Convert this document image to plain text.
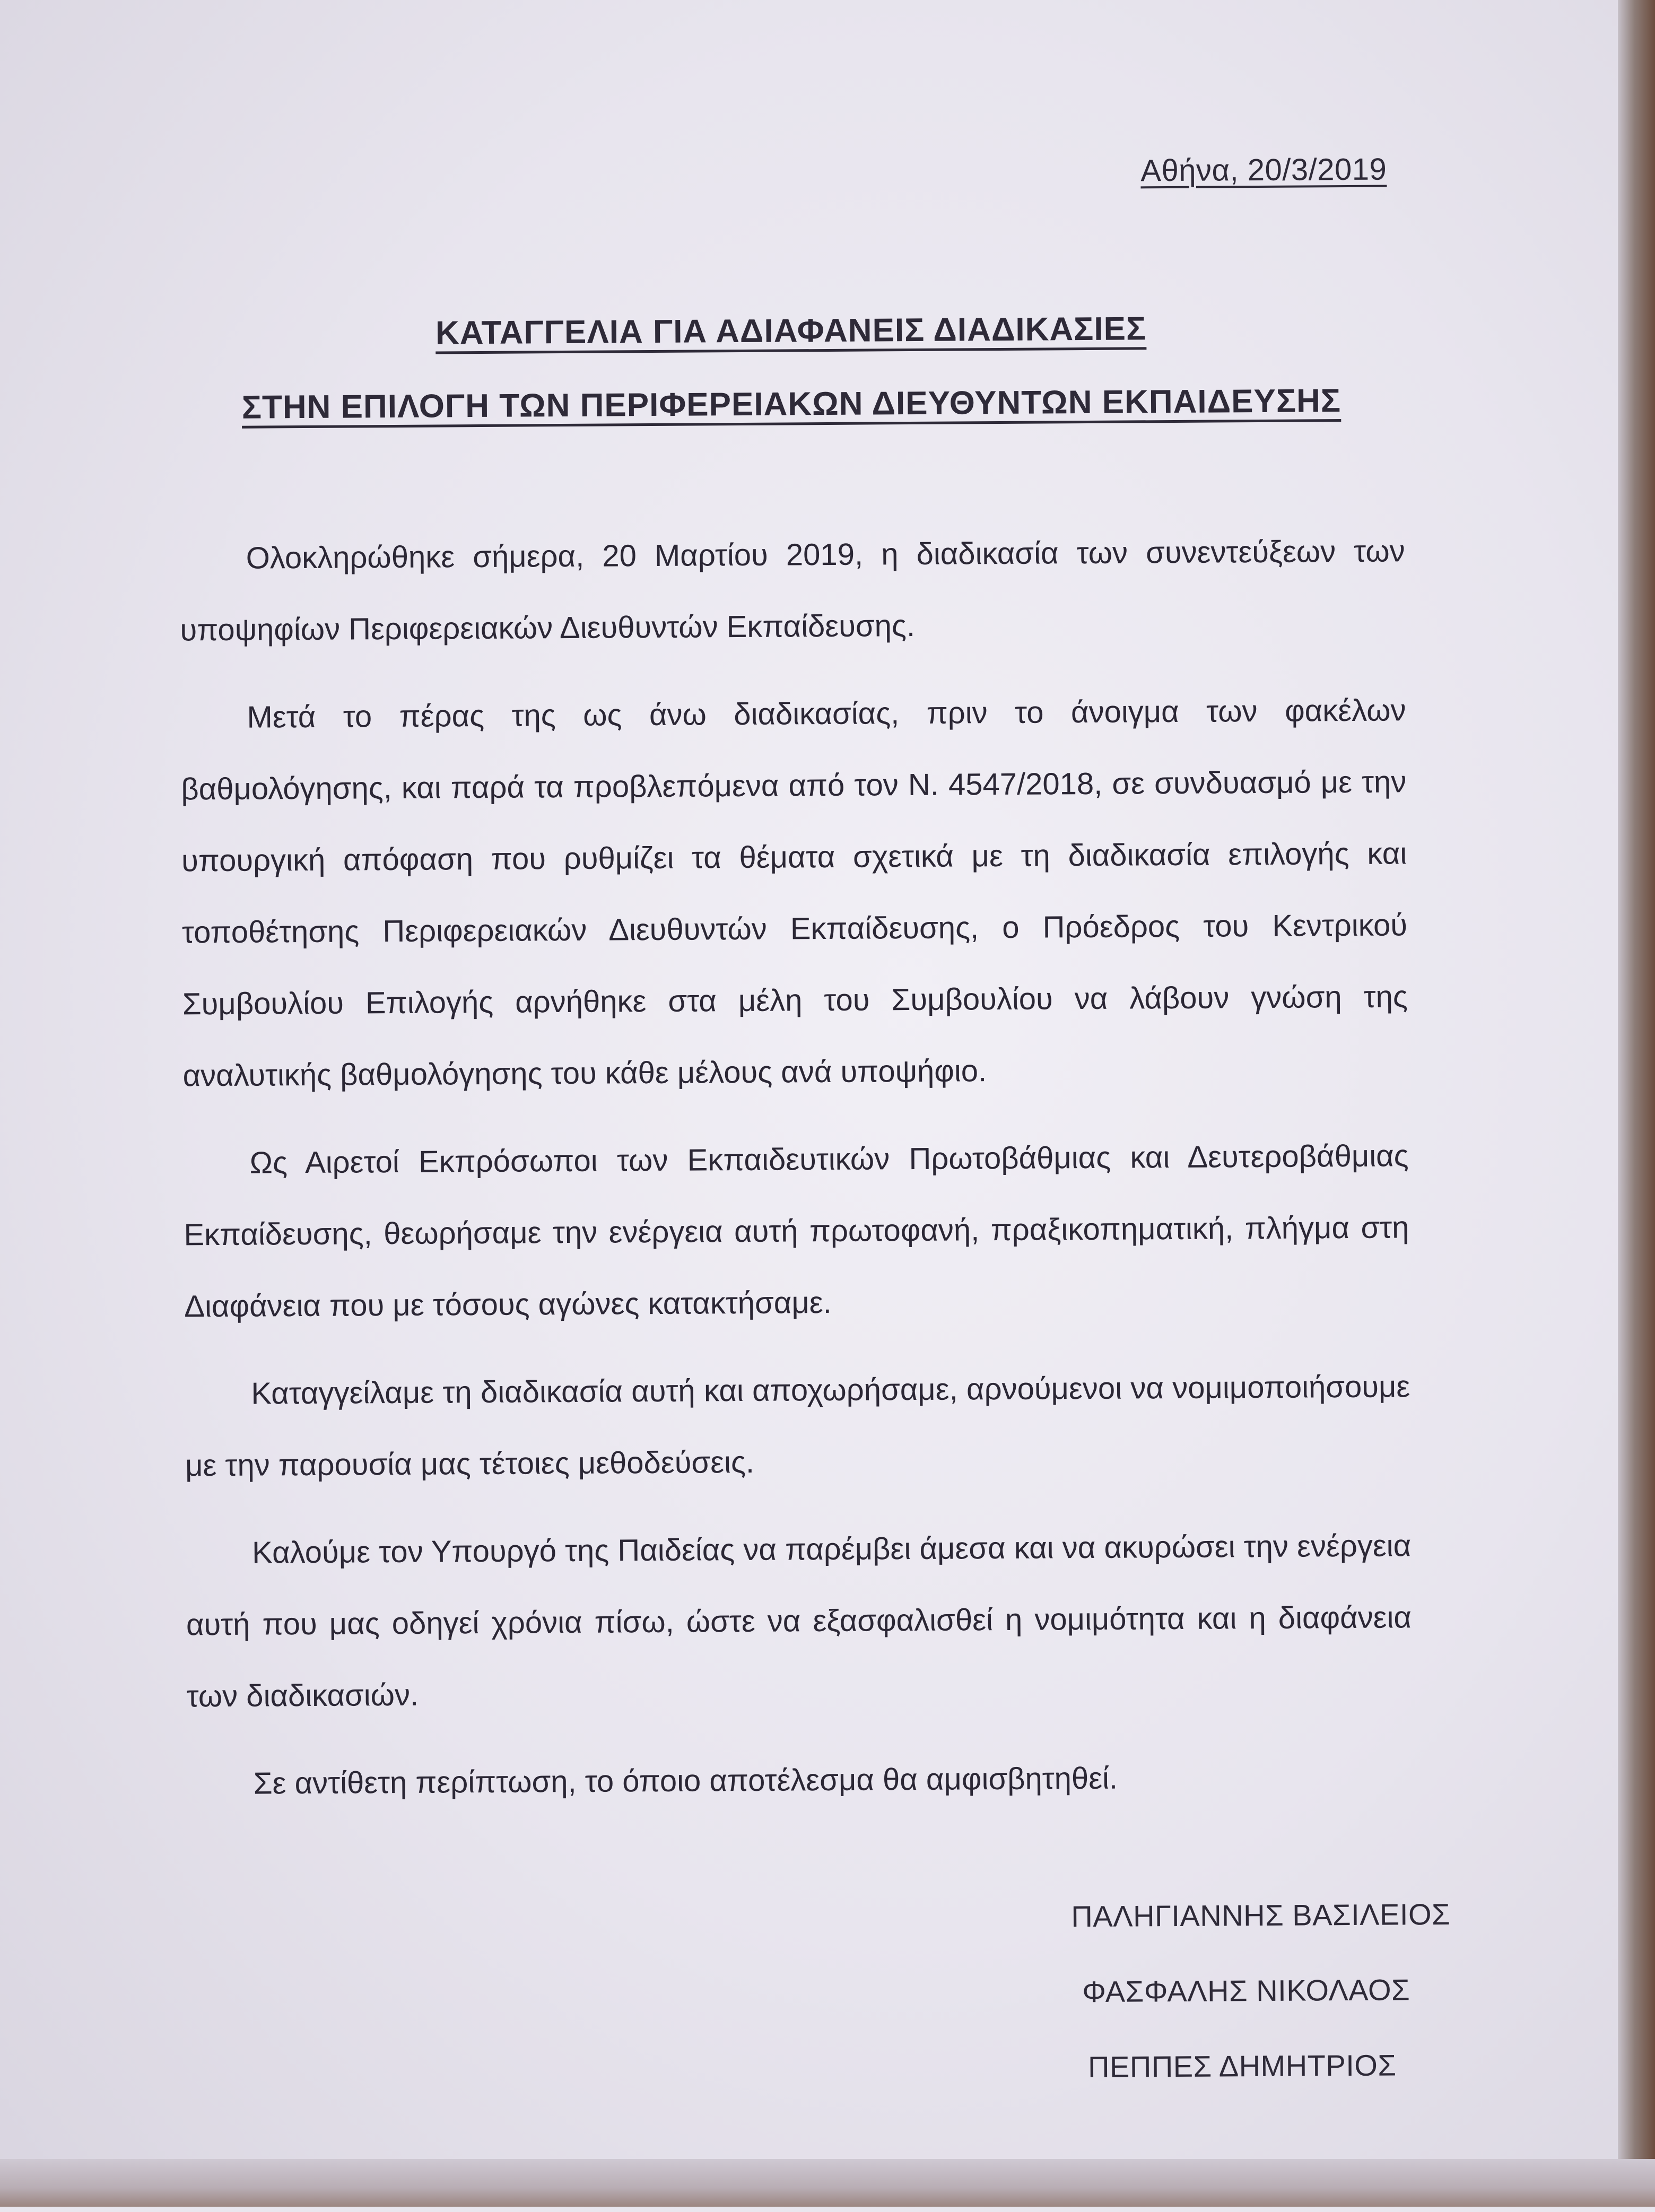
Αθήνα, 20/3/2019
ΚΑΤΑΓΓΕΛΙΑ ΓΙΑ ΑΔΙΑΦΑΝΕΙΣ ΔΙΑΔΙΚΑΣΙΕΣ
ΣΤΗΝ ΕΠΙΛΟΓΗ ΤΩΝ ΠΕΡΙΦΕΡΕΙΑΚΩΝ ΔΙΕΥΘΥΝΤΩΝ ΕΚΠΑΙΔΕΥΣΗΣ

Ολοκληρώθηκε σήμερα, 20 Μαρτίου 2019, η διαδικασία των συνεντεύξεων των υποψηφίων Περιφερειακών Διευθυντών Εκπαίδευσης.

Μετά το πέρας της ως άνω διαδικασίας, πριν το άνοιγμα των φακέλων βαθμολόγησης, και παρά τα προβλεπόμενα από τον Ν. 4547/2018, σε συνδυασμό με την υπουργική απόφαση που ρυθμίζει τα θέματα σχετικά με τη διαδικασία επιλογής και τοποθέτησης Περιφερειακών Διευθυντών Εκπαίδευσης, ο Πρόεδρος του Κεντρικού Συμβουλίου Επιλογής αρνήθηκε στα μέλη του Συμβουλίου να λάβουν γνώση της αναλυτικής βαθμολόγησης του κάθε μέλους ανά υποψήφιο.

Ως Αιρετοί Εκπρόσωποι των Εκπαιδευτικών Πρωτοβάθμιας και Δευτεροβάθμιας Εκπαίδευσης, θεωρήσαμε την ενέργεια αυτή πρωτοφανή, πραξικοπηματική, πλήγμα στη Διαφάνεια που με τόσους αγώνες κατακτήσαμε.

Καταγγείλαμε τη διαδικασία αυτή και αποχωρήσαμε, αρνούμενοι να νομιμοποιήσουμε με την παρουσία μας τέτοιες μεθοδεύσεις.

Καλούμε τον Υπουργό της Παιδείας να παρέμβει άμεσα και να ακυρώσει την ενέργεια αυτή που μας οδηγεί χρόνια πίσω, ώστε να εξασφαλισθεί η νομιμότητα και η διαφάνεια των διαδικασιών.

Σε αντίθετη περίπτωση, το όποιο αποτέλεσμα θα αμφισβητηθεί.

ΠΑΛΗΓΙΑΝΝΗΣ ΒΑΣΙΛΕΙΟΣ
ΦΑΣΦΑΛΗΣ ΝΙΚΟΛΑΟΣ
ΠΕΠΠΕΣ ΔΗΜΗΤΡΙΟΣ
